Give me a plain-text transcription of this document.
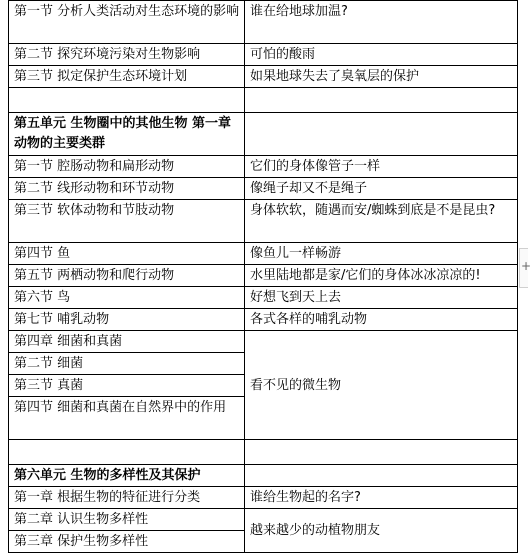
第一节 分析人类活动对生态环境的影响	谁在给地球加温?
第二节 探究环境污染对生物影响	可怕的酸雨
第三节 拟定保护生态环境计划	如果地球失去了臭氧层的保护

第五单元 生物圈中的其他生物 第一章 动物的主要类群	
第一节 腔肠动物和扁形动物	它们的身体像管子一样
第二节 线形动物和环节动物	像绳子却又不是绳子
第三节 软体动物和节肢动物	身体软软，随遇而安/蜘蛛到底是不是昆虫?
第四节 鱼	像鱼儿一样畅游
第五节 两栖动物和爬行动物	水里陆地都是家/它们的身体冰冰凉凉的!
第六节 鸟	好想飞到天上去
第七节 哺乳动物	各式各样的哺乳动物
第四章 细菌和真菌	看不见的微生物
第二节 细菌	
第三节 真菌	
第四节 细菌和真菌在自然界中的作用	

第六单元 生物的多样性及其保护	
第一章 根据生物的特征进行分类	谁给生物起的名字?
第二章 认识生物多样性	越来越少的动植物朋友
第三章 保护生物多样性	
+
